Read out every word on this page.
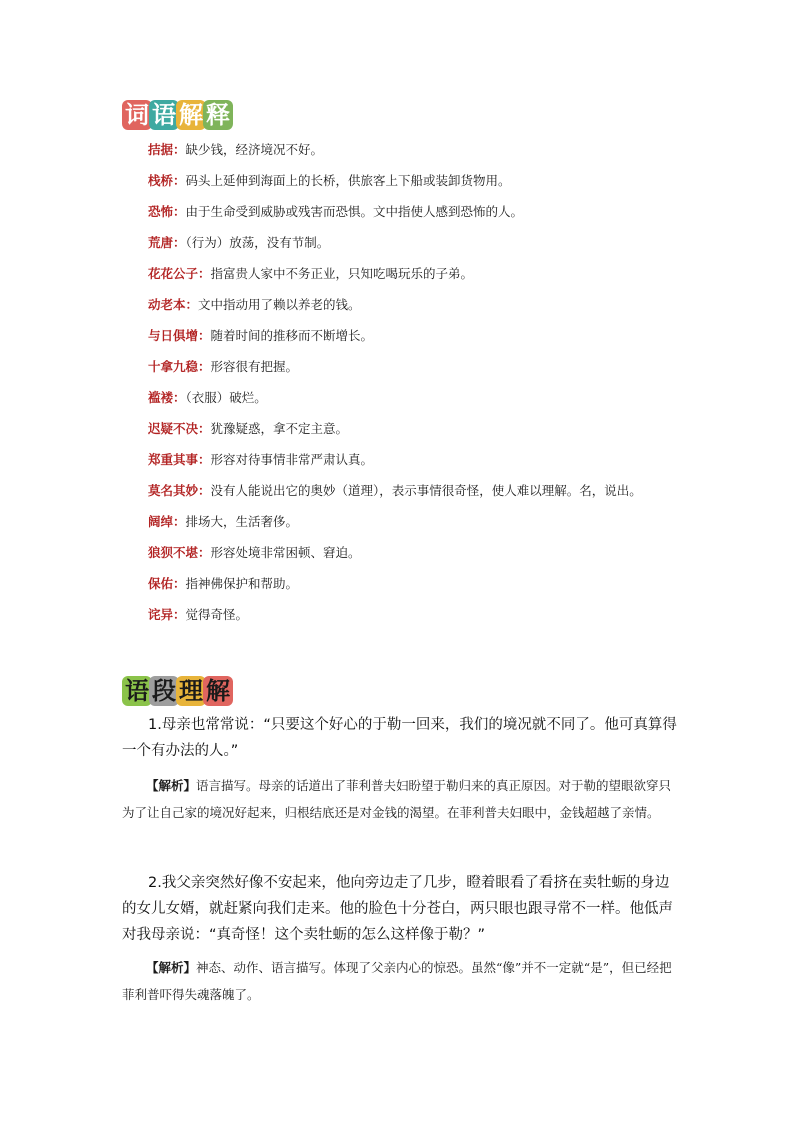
词 语 解 释

拮据：缺少钱，经济境况不好。

栈桥：码头上延伸到海面上的长桥，供旅客上下船或装卸货物用。

恐怖：由于生命受到威胁或残害而恐惧。文中指使人感到恐怖的人。

荒唐：（行为）放荡，没有节制。

花花公子：指富贵人家中不务正业，只知吃喝玩乐的子弟。

动老本：文中指动用了赖以养老的钱。

与日俱增：随着时间的推移而不断增长。

十拿九稳：形容很有把握。

褴褛：（衣服）破烂。

迟疑不决：犹豫疑惑，拿不定主意。

郑重其事：形容对待事情非常严肃认真。

莫名其妙：没有人能说出它的奥妙（道理），表示事情很奇怪，使人难以理解。名，说出。

阔绰：排场大，生活奢侈。

狼狈不堪：形容处境非常困顿、窘迫。

保佑：指神佛保护和帮助。

诧异：觉得奇怪。

语 段 理 解

1.母亲也常常说：“只要这个好心的于勒一回来，我们的境况就不同了。他可真算得一个有办法的人。”

【解析】语言描写。母亲的话道出了菲利普夫妇盼望于勒归来的真正原因。对于勒的望眼欲穿只为了让自己家的境况好起来，归根结底还是对金钱的渴望。在菲利普夫妇眼中，金钱超越了亲情。

2.我父亲突然好像不安起来，他向旁边走了几步，瞪着眼看了看挤在卖牡蛎的身边的女儿女婿，就赶紧向我们走来。他的脸色十分苍白，两只眼也跟寻常不一样。他低声对我母亲说：“真奇怪！这个卖牡蛎的怎么这样像于勒？”

【解析】神态、动作、语言描写。体现了父亲内心的惊恐。虽然“像”并不一定就“是”，但已经把菲利普吓得失魂落魄了。
